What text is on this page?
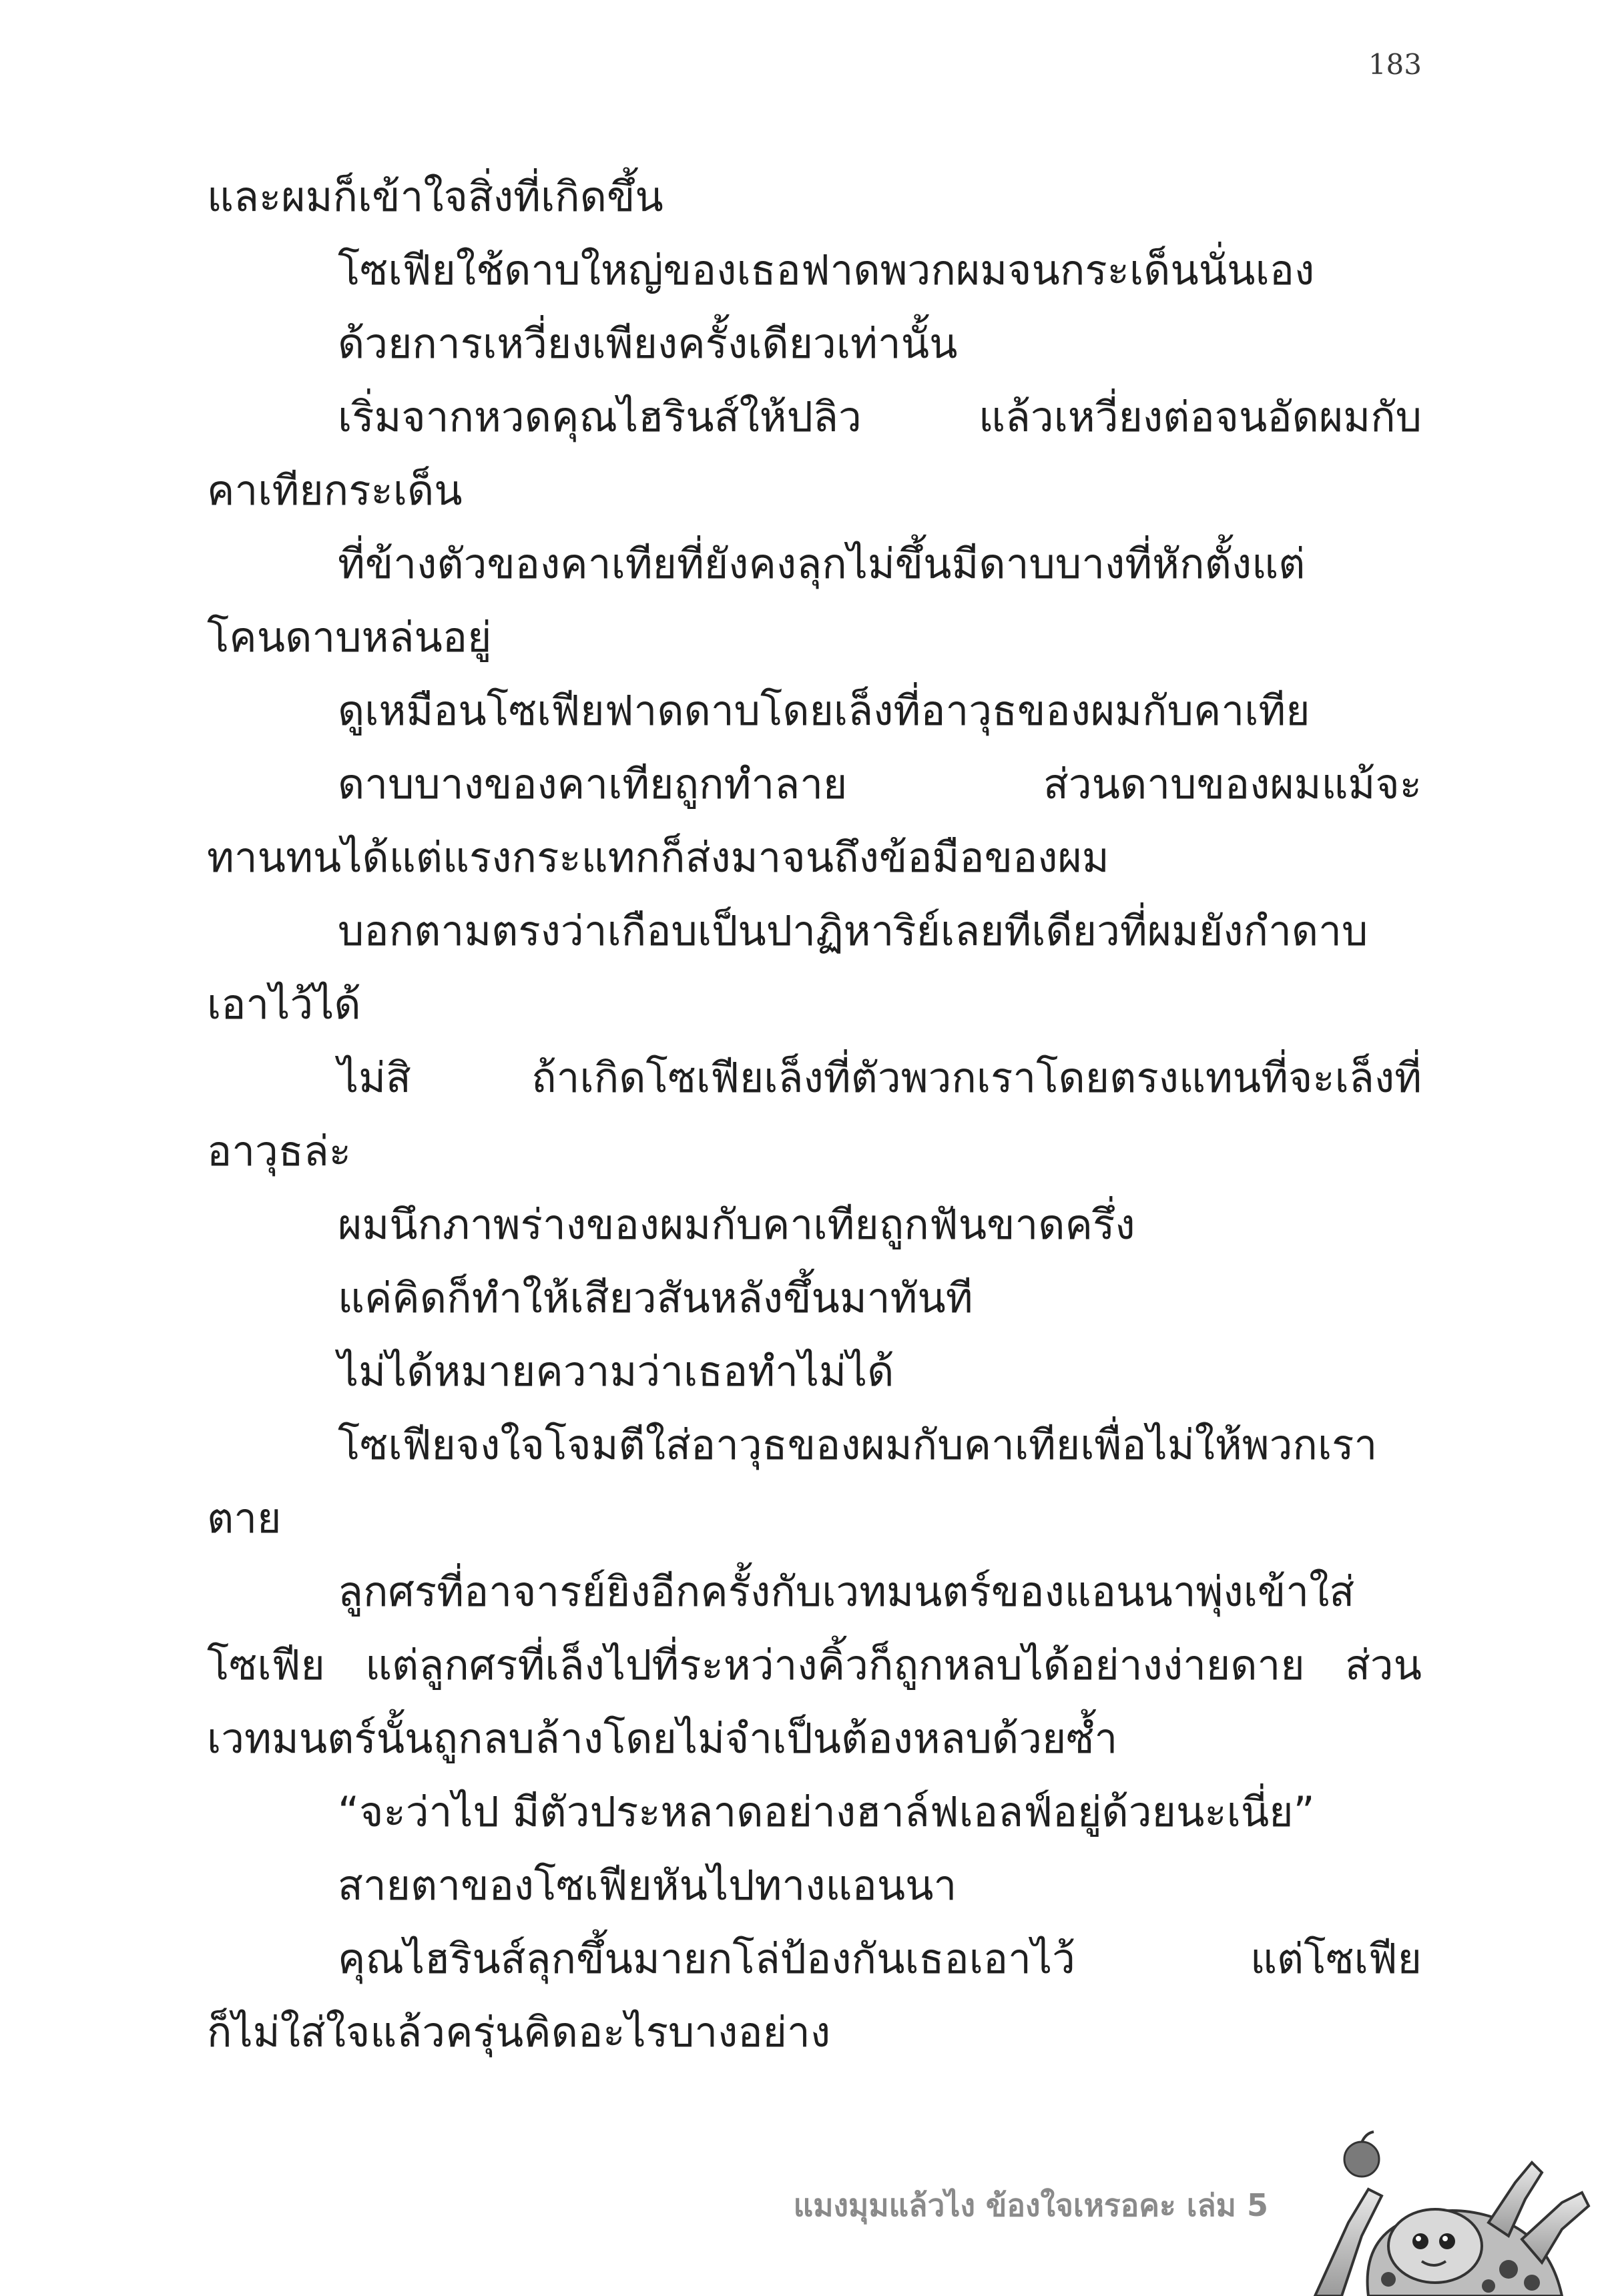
183
และผมก็เข้าใจสิ่งที่เกิดขึ้น
โซเฟียใช้ดาบใหญ่ของเธอฟาดพวกผมจนกระเด็นนั่นเอง
ด้วยการเหวี่ยงเพียงครั้งเดียวเท่านั้น
เริ่มจากหวดคุณไฮรินส์ให้ปลิว แล้วเหวี่ยงต่อจนอัดผมกับ
คาเทียกระเด็น
ที่ข้างตัวของคาเทียที่ยังคงลุกไม่ขึ้นมีดาบบางที่หักตั้งแต่
โคนดาบหล่นอยู่
ดูเหมือนโซเฟียฟาดดาบโดยเล็งที่อาวุธของผมกับคาเทีย
ดาบบางของคาเทียถูกทำลาย ส่วนดาบของผมแม้จะ
ทานทนได้แต่แรงกระแทกก็ส่งมาจนถึงข้อมือของผม
บอกตามตรงว่าเกือบเป็นปาฏิหาริย์เลยทีเดียวที่ผมยังกำดาบ
เอาไว้ได้
ไม่สิ ถ้าเกิดโซเฟียเล็งที่ตัวพวกเราโดยตรงแทนที่จะเล็งที่
อาวุธล่ะ
ผมนึกภาพร่างของผมกับคาเทียถูกฟันขาดครึ่ง
แค่คิดก็ทำให้เสียวสันหลังขึ้นมาทันที
ไม่ได้หมายความว่าเธอทำไม่ได้
โซเฟียจงใจโจมตีใส่อาวุธของผมกับคาเทียเพื่อไม่ให้พวกเรา
ตาย
ลูกศรที่อาจารย์ยิงอีกครั้งกับเวทมนตร์ของแอนนาพุ่งเข้าใส่
โซเฟีย แต่ลูกศรที่เล็งไปที่ระหว่างคิ้วก็ถูกหลบได้อย่างง่ายดาย ส่วน
เวทมนตร์นั้นถูกลบล้างโดยไม่จำเป็นต้องหลบด้วยซ้ำ
“จะว่าไป มีตัวประหลาดอย่างฮาล์ฟเอลฟ์อยู่ด้วยนะเนี่ย”
สายตาของโซเฟียหันไปทางแอนนา
คุณไฮรินส์ลุกขึ้นมายกโล่ป้องกันเธอเอาไว้ แต่โซเฟีย
ก็ไม่ใส่ใจแล้วครุ่นคิดอะไรบางอย่าง
แมงมุมแล้วไง ข้องใจเหรอคะ เล่ม 5
